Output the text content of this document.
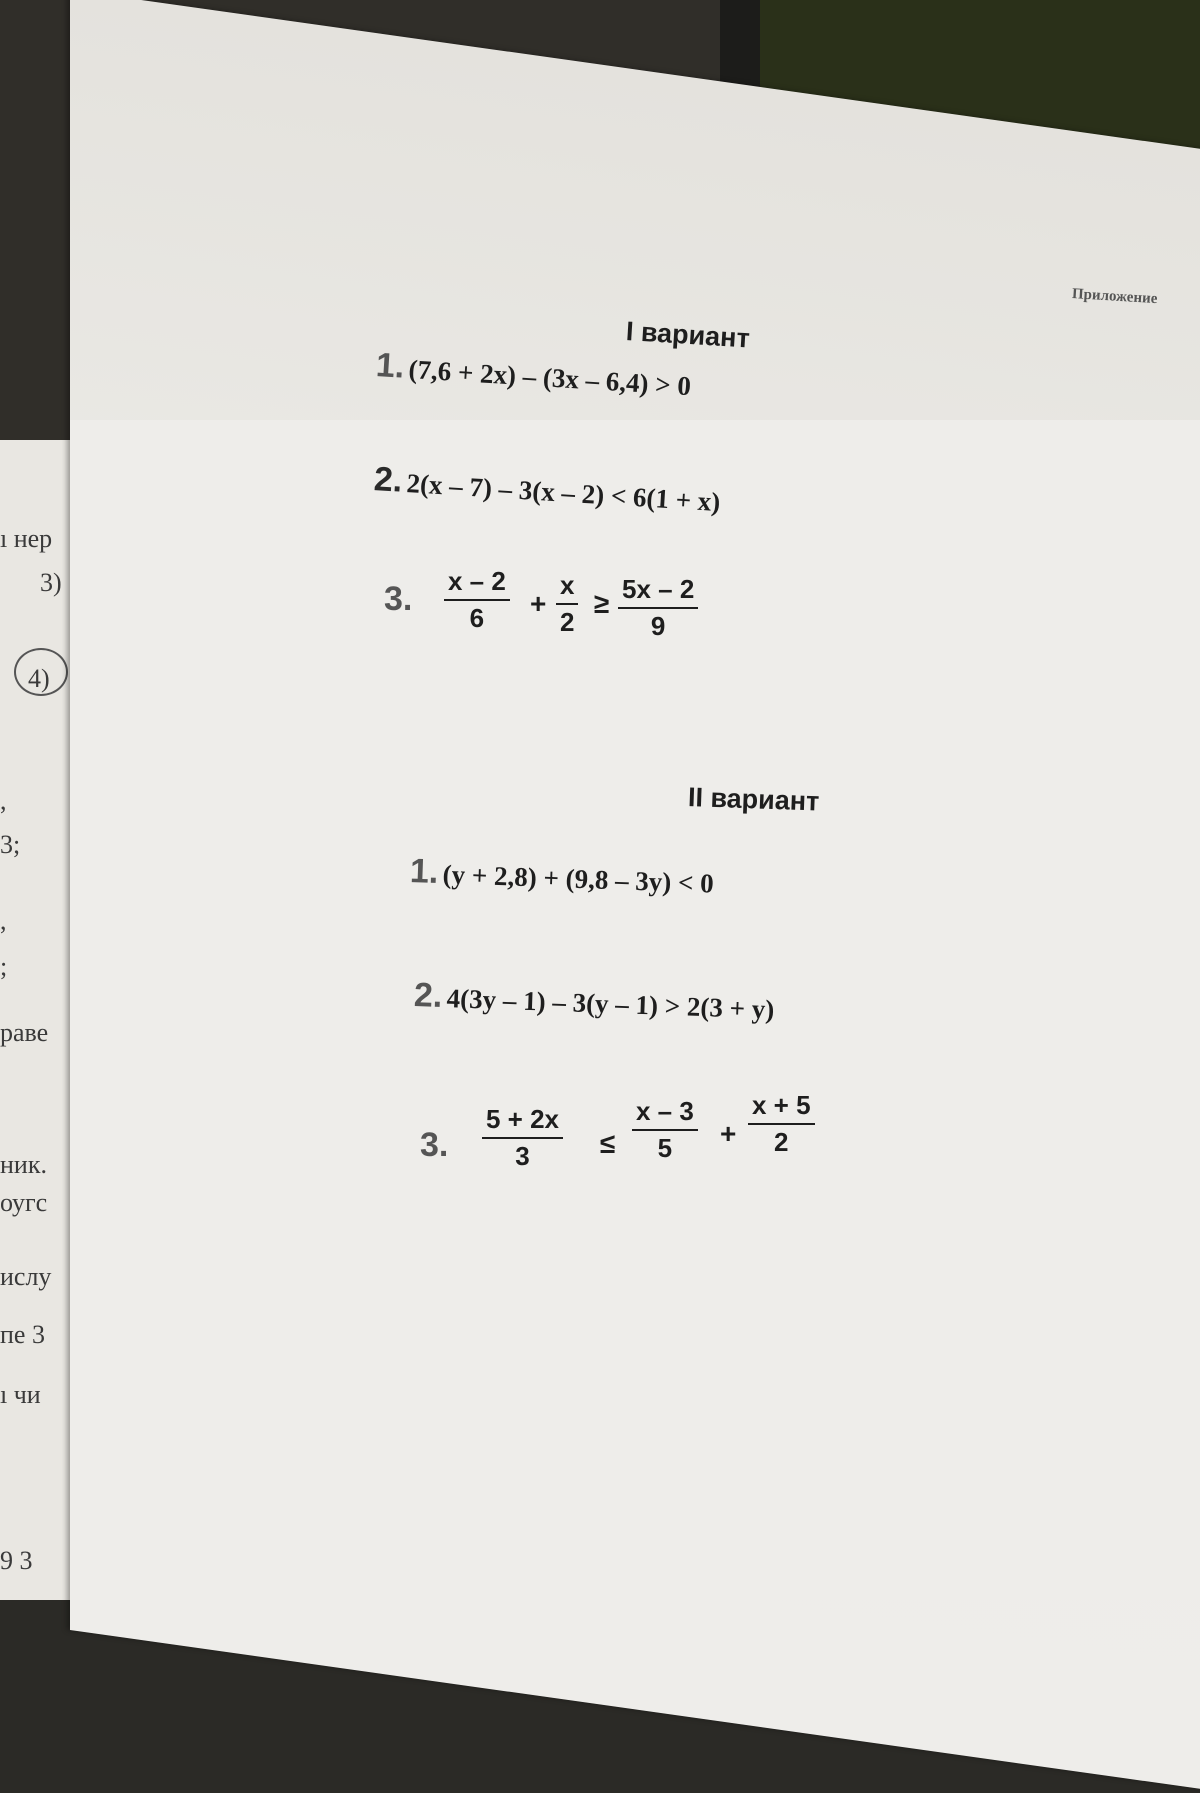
ı нер
3)
4)
,
3;
,
;
раве
ник.
оугс
ислу
пе 3
ı чи
9 3
Приложение
I вариант
1. (7,6 + 2x) – (3x – 6,4) > 0
2. 2(x – 7) – 3(x – 2) < 6(1 + x)
3. $\frac{x - 2}{6} + \frac{x}{2} \ge \frac{5x - 2}{9}$
II вариант
1. (y + 2,8) + (9,8 – 3y) < 0
2. 4(3y – 1) – 3(y – 1) > 2(3 + y)
3. $\frac{5 + 2x}{3} \le \frac{x - 3}{5} + \frac{x + 5}{2}$
